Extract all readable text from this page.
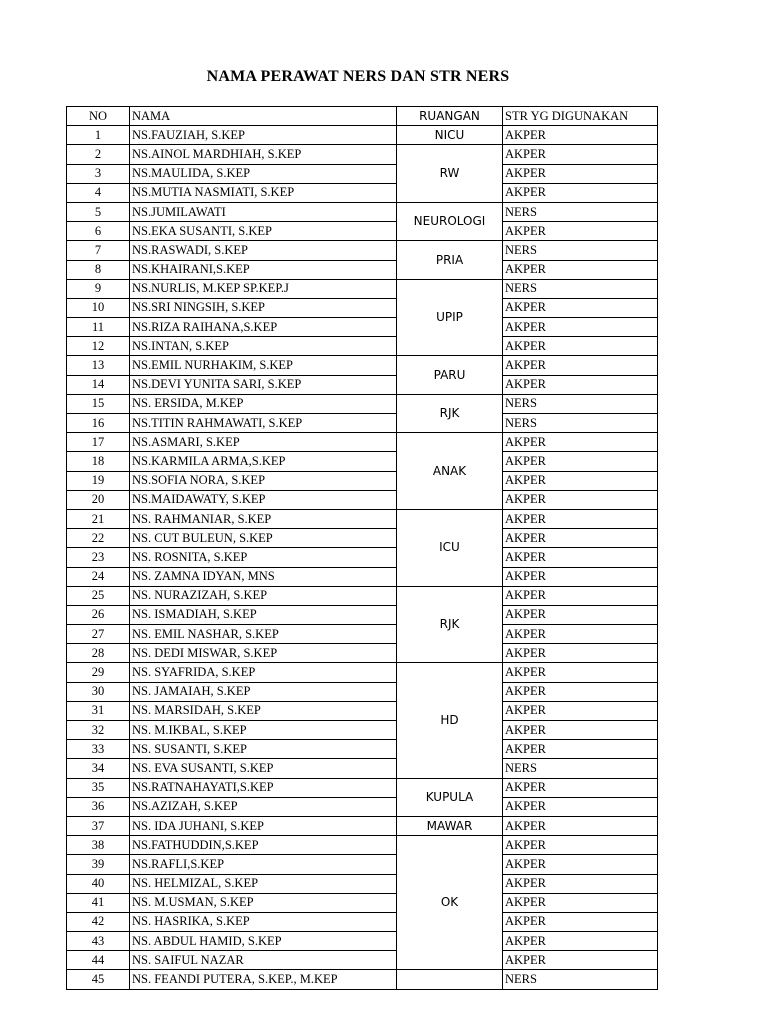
NAMA PERAWAT NERS DAN STR NERS
NO	NAMA	RUANGAN	STR YG DIGUNAKAN
1	NS.FAUZIAH, S.KEP	NICU	AKPER
2	NS.AINOL MARDHIAH, S.KEP	RW	AKPER
3	NS.MAULIDA, S.KEP		AKPER
4	NS.MUTIA NASMIATI, S.KEP		AKPER
5	NS.JUMILAWATI	NEUROLOGI	NERS
6	NS.EKA SUSANTI, S.KEP		AKPER
7	NS.RASWADI, S.KEP	PRIA	NERS
8	NS.KHAIRANI,S.KEP		AKPER
9	NS.NURLIS, M.KEP SP.KEP.J	UPIP	NERS
10	NS.SRI NINGSIH, S.KEP		AKPER
11	NS.RIZA RAIHANA,S.KEP		AKPER
12	NS.INTAN, S.KEP		AKPER
13	NS.EMIL NURHAKIM, S.KEP	PARU	AKPER
14	NS.DEVI YUNITA SARI, S.KEP		AKPER
15	NS. ERSIDA, M.KEP	RJK	NERS
16	NS.TITIN RAHMAWATI, S.KEP		NERS
17	NS.ASMARI, S.KEP	ANAK	AKPER
18	NS.KARMILA ARMA,S.KEP		AKPER
19	NS.SOFIA NORA, S.KEP		AKPER
20	NS.MAIDAWATY, S.KEP		AKPER
21	NS. RAHMANIAR, S.KEP	ICU	AKPER
22	NS. CUT BULEUN, S.KEP		AKPER
23	NS. ROSNITA, S.KEP		AKPER
24	NS. ZAMNA IDYAN, MNS		AKPER
25	NS. NURAZIZAH, S.KEP	RJK	AKPER
26	NS. ISMADIAH, S.KEP		AKPER
27	NS. EMIL NASHAR, S.KEP		AKPER
28	NS. DEDI MISWAR, S.KEP		AKPER
29	NS. SYAFRIDA, S.KEP	HD	AKPER
30	NS. JAMAIAH, S.KEP		AKPER
31	NS. MARSIDAH, S.KEP		AKPER
32	NS. M.IKBAL, S.KEP		AKPER
33	NS. SUSANTI, S.KEP		AKPER
34	NS. EVA SUSANTI, S.KEP		NERS
35	NS.RATNAHAYATI,S.KEP	KUPULA	AKPER
36	NS.AZIZAH, S.KEP		AKPER
37	NS. IDA JUHANI, S.KEP	MAWAR	AKPER
38	NS.FATHUDDIN,S.KEP	OK	AKPER
39	NS.RAFLI,S.KEP		AKPER
40	NS. HELMIZAL, S.KEP		AKPER
41	NS. M.USMAN, S.KEP		AKPER
42	NS. HASRIKA, S.KEP		AKPER
43	NS. ABDUL HAMID, S.KEP		AKPER
44	NS. SAIFUL NAZAR		AKPER
45	NS. FEANDI PUTERA, S.KEP., M.KEP		NERS
